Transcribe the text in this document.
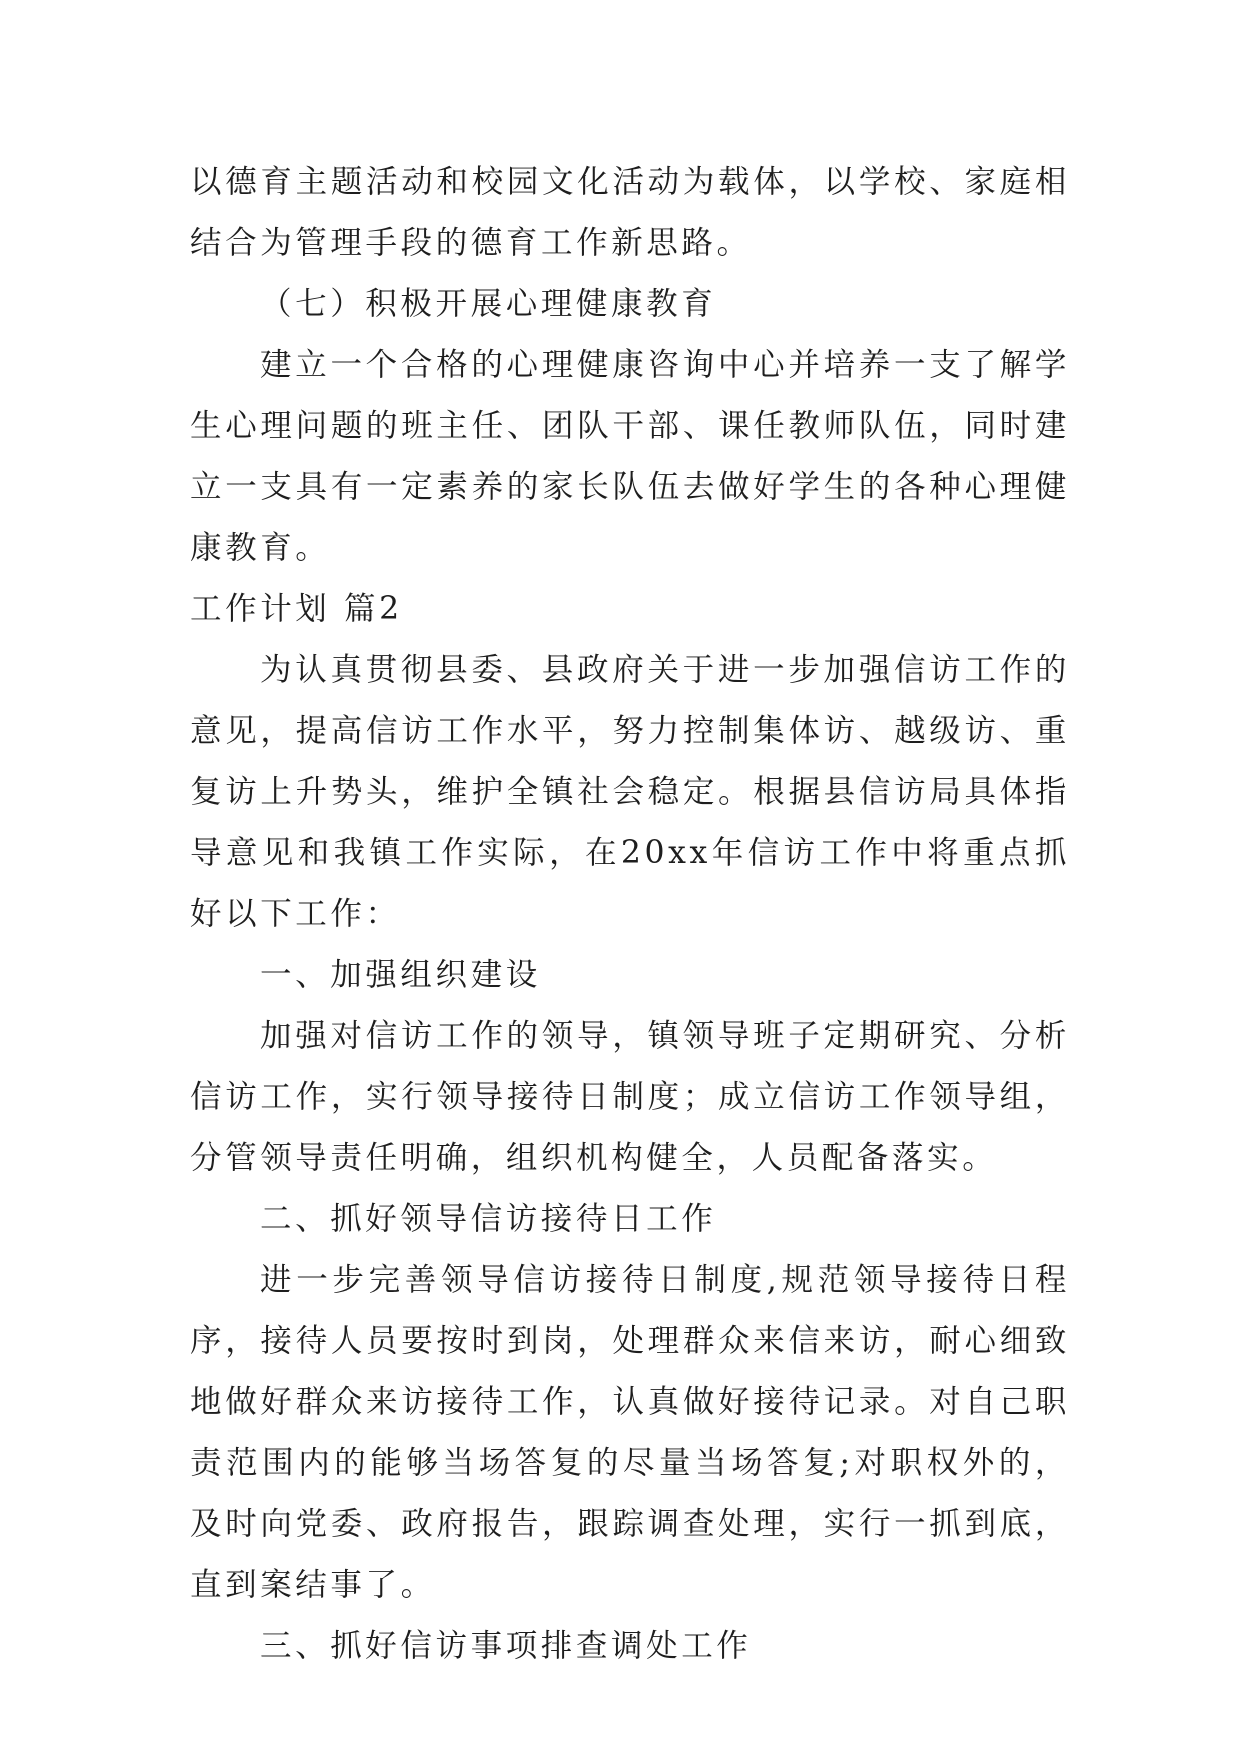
以德育主题活动和校园文化活动为载体，以学校、家庭相结合为管理手段的德育工作新思路。

（七）积极开展心理健康教育

建立一个合格的心理健康咨询中心并培养一支了解学生心理问题的班主任、团队干部、课任教师队伍，同时建立一支具有一定素养的家长队伍去做好学生的各种心理健康教育。

工作计划 篇2

为认真贯彻县委、县政府关于进一步加强信访工作的意见，提高信访工作水平，努力控制集体访、越级访、重复访上升势头，维护全镇社会稳定。根据县信访局具体指导意见和我镇工作实际，在20xx年信访工作中将重点抓好以下工作：

一、加强组织建设

加强对信访工作的领导，镇领导班子定期研究、分析信访工作，实行领导接待日制度；成立信访工作领导组，分管领导责任明确，组织机构健全，人员配备落实。

二、抓好领导信访接待日工作

进一步完善领导信访接待日制度,规范领导接待日程序，接待人员要按时到岗，处理群众来信来访，耐心细致地做好群众来访接待工作，认真做好接待记录。对自己职责范围内的能够当场答复的尽量当场答复;对职权外的，及时向党委、政府报告，跟踪调查处理，实行一抓到底，直到案结事了。

三、抓好信访事项排查调处工作
